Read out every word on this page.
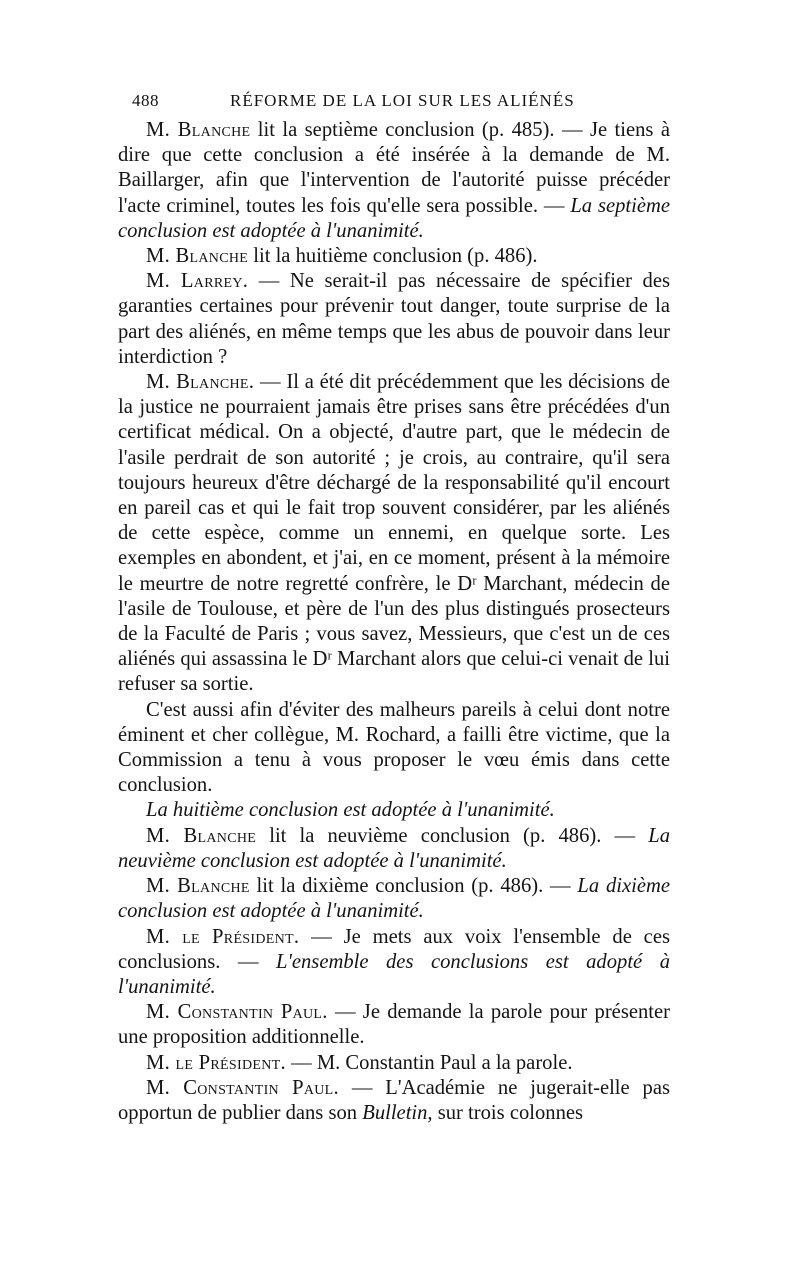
488	RÉFORME DE LA LOI SUR LES ALIÉNÉS

M. Blanche lit la septième conclusion (p. 485). — Je tiens à dire que cette conclusion a été insérée à la demande de M. Baillarger, afin que l'intervention de l'autorité puisse précéder l'acte criminel, toutes les fois qu'elle sera possible. — La septième conclusion est adoptée à l'unanimité.

M. Blanche lit la huitième conclusion (p. 486).

M. Larrey. — Ne serait-il pas nécessaire de spécifier des garanties certaines pour prévenir tout danger, toute surprise de la part des aliénés, en même temps que les abus de pouvoir dans leur interdiction ?

M. Blanche. — Il a été dit précédemment que les décisions de la justice ne pourraient jamais être prises sans être précédées d'un certificat médical. On a objecté, d'autre part, que le médecin de l'asile perdrait de son autorité ; je crois, au contraire, qu'il sera toujours heureux d'être déchargé de la responsabilité qu'il encourt en pareil cas et qui le fait trop souvent considérer, par les aliénés de cette espèce, comme un ennemi, en quelque sorte. Les exemples en abondent, et j'ai, en ce moment, présent à la mémoire le meurtre de notre regretté confrère, le Dʳ Marchant, médecin de l'asile de Toulouse, et père de l'un des plus distingués prosecteurs de la Faculté de Paris ; vous savez, Messieurs, que c'est un de ces aliénés qui assassina le Dʳ Marchant alors que celui-ci venait de lui refuser sa sortie.

C'est aussi afin d'éviter des malheurs pareils à celui dont notre éminent et cher collègue, M. Rochard, a failli être victime, que la Commission a tenu à vous proposer le vœu émis dans cette conclusion.

La huitième conclusion est adoptée à l'unanimité.

M. Blanche lit la neuvième conclusion (p. 486). — La neuvième conclusion est adoptée à l'unanimité.

M. Blanche lit la dixième conclusion (p. 486). — La dixième conclusion est adoptée à l'unanimité.

M. le Président. — Je mets aux voix l'ensemble de ces conclusions. — L'ensemble des conclusions est adopté à l'unanimité.

M. Constantin Paul. — Je demande la parole pour présenter une proposition additionnelle.

M. le Président. — M. Constantin Paul a la parole.

M. Constantin Paul. — L'Académie ne jugerait-elle pas opportun de publier dans son Bulletin, sur trois colonnes
